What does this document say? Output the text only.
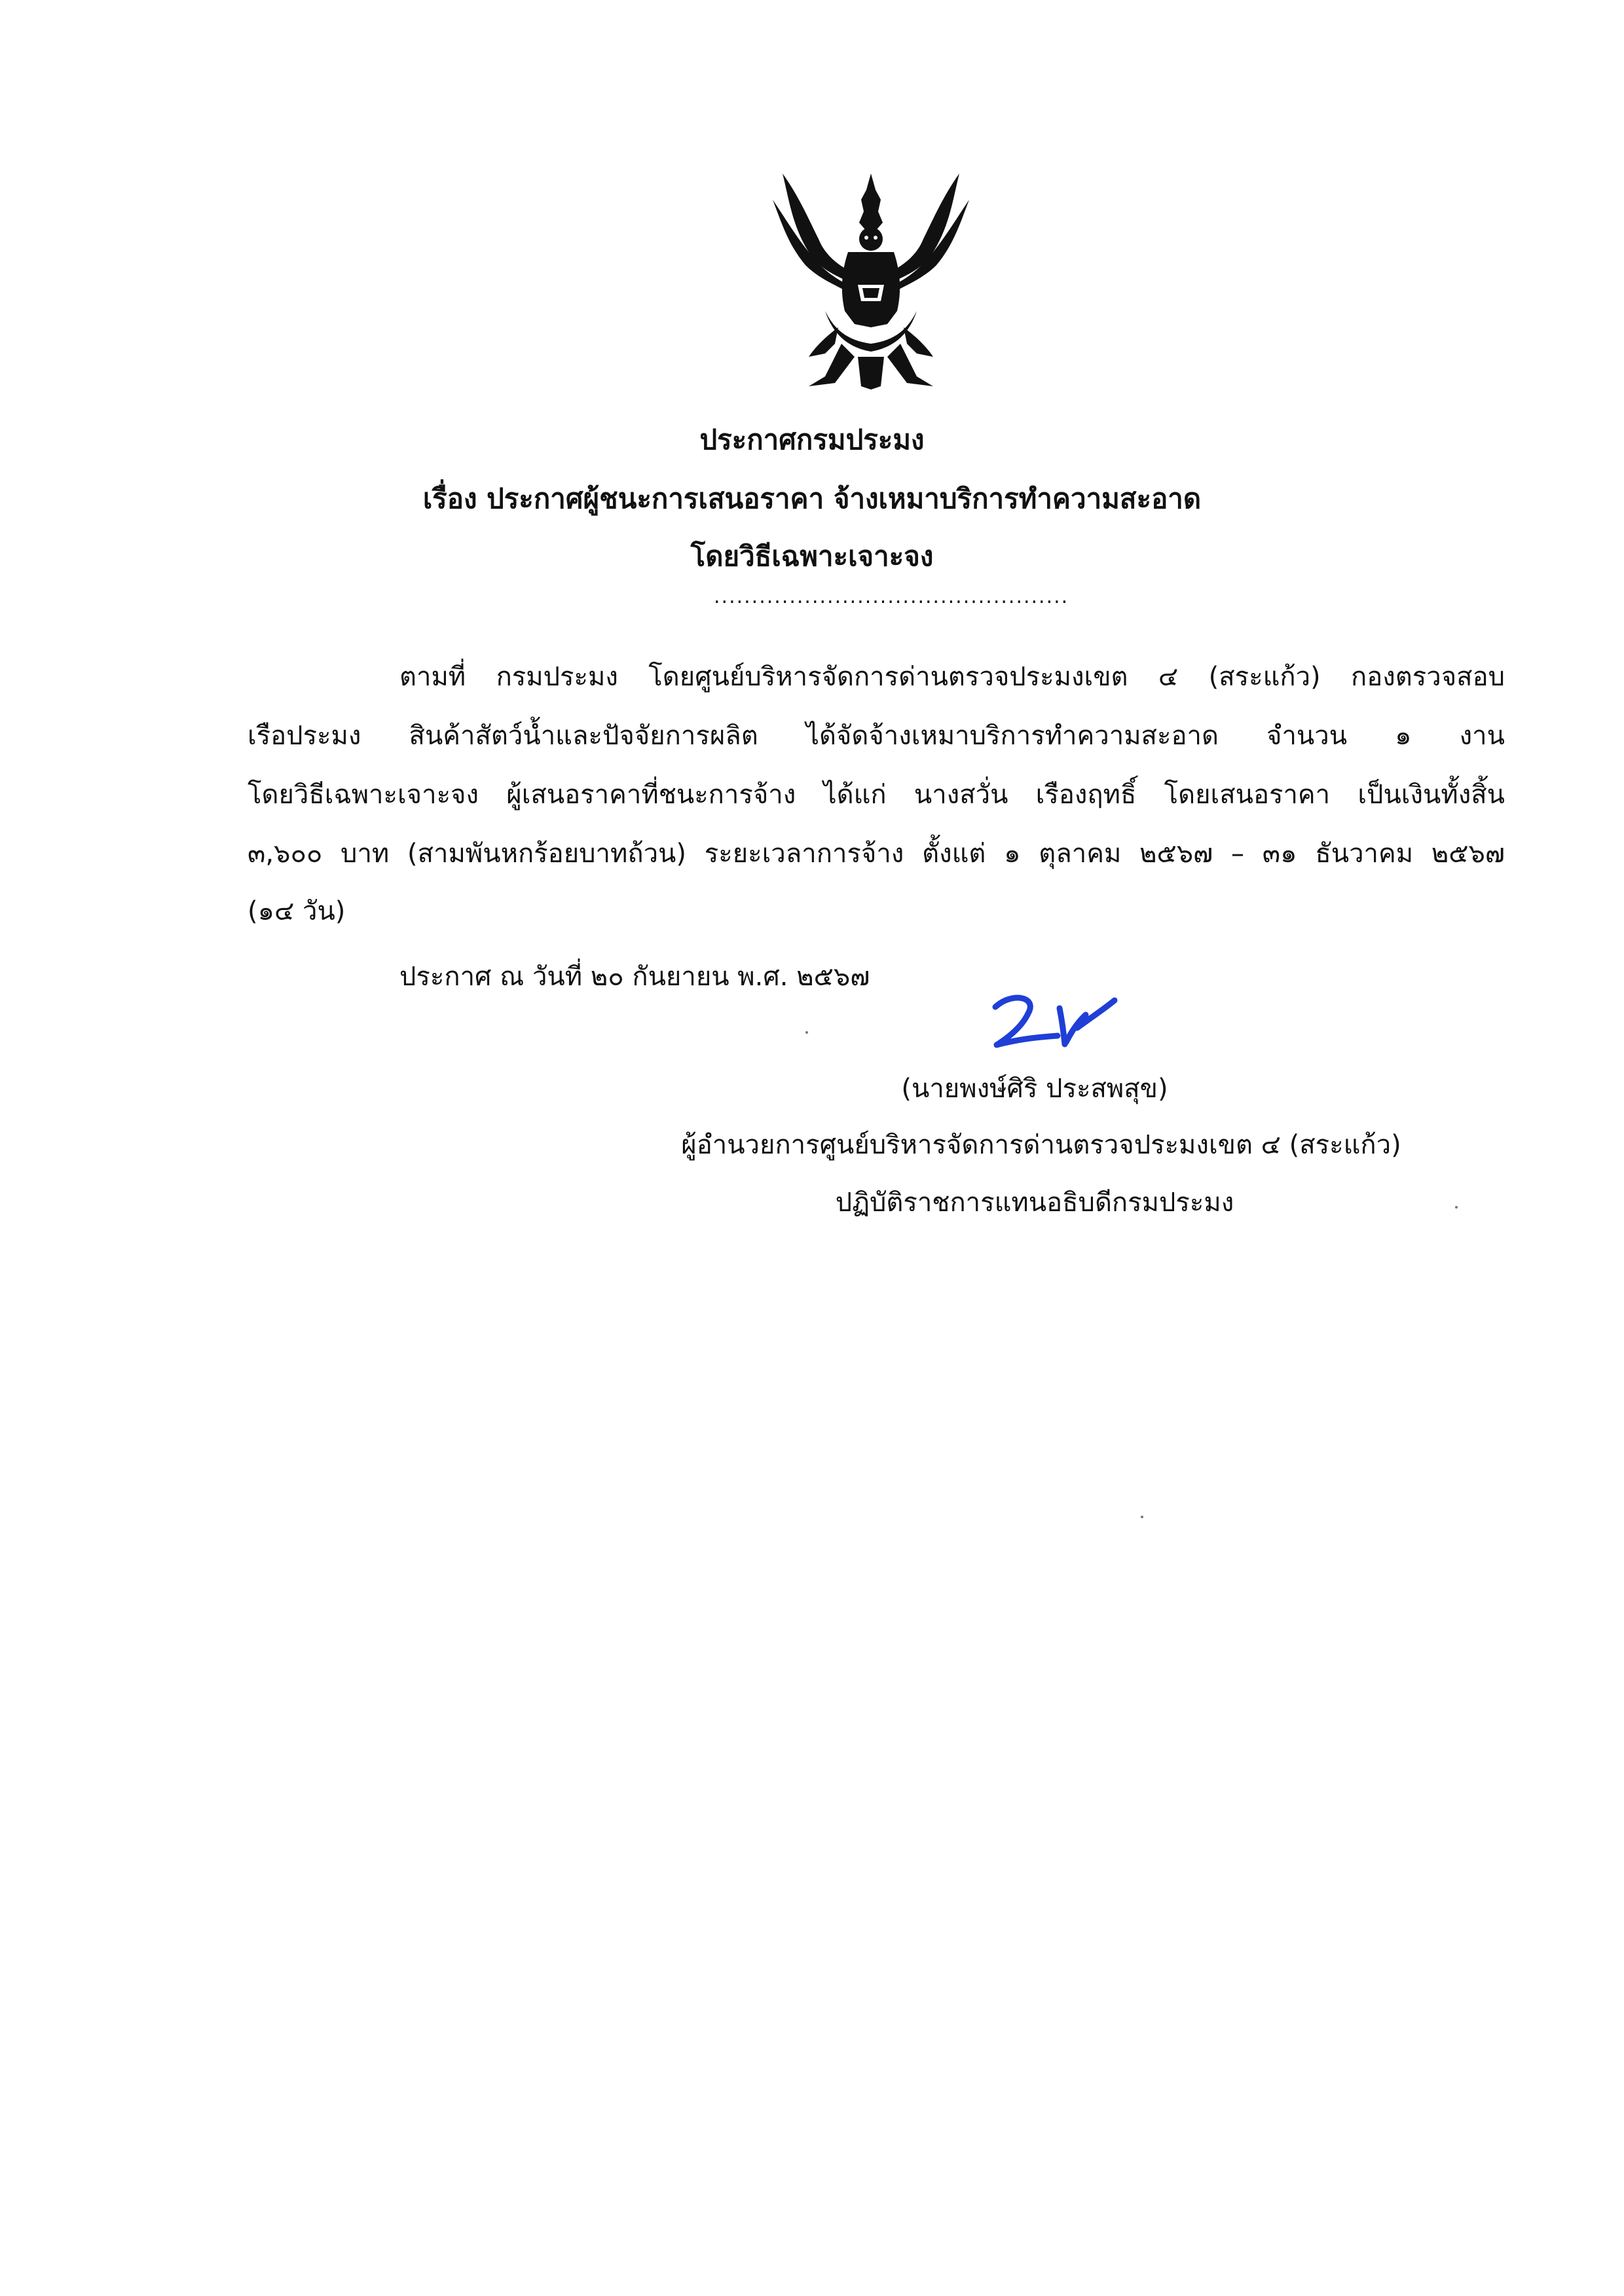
ประกาศกรมประมง
เรื่อง ประกาศผู้ชนะการเสนอราคา จ้างเหมาบริการทำความสะอาด
โดยวิธีเฉพาะเจาะจง
...............................................
ตามที่ กรมประมง โดยศูนย์บริหารจัดการด่านตรวจประมงเขต ๔ (สระแก้ว) กองตรวจสอบ
เรือประมง สินค้าสัตว์น้ำและปัจจัยการผลิต ได้จัดจ้างเหมาบริการทำความสะอาด จำนวน ๑ งาน
โดยวิธีเฉพาะเจาะจง ผู้เสนอราคาที่ชนะการจ้าง ได้แก่ นางสวั่น เรืองฤทธิ์ โดยเสนอราคา เป็นเงินทั้งสิ้น
๓,๖๐๐ บาท (สามพันหกร้อยบาทถ้วน) ระยะเวลาการจ้าง ตั้งแต่ ๑ ตุลาคม ๒๕๖๗ – ๓๑ ธันวาคม ๒๕๖๗
(๑๔ วัน)
ประกาศ ณ วันที่ ๒๐ กันยายน พ.ศ. ๒๕๖๗
(นายพงษ์ศิริ ประสพสุข)
ผู้อำนวยการศูนย์บริหารจัดการด่านตรวจประมงเขต ๔ (สระแก้ว)
ปฏิบัติราชการแทนอธิบดีกรมประมง
